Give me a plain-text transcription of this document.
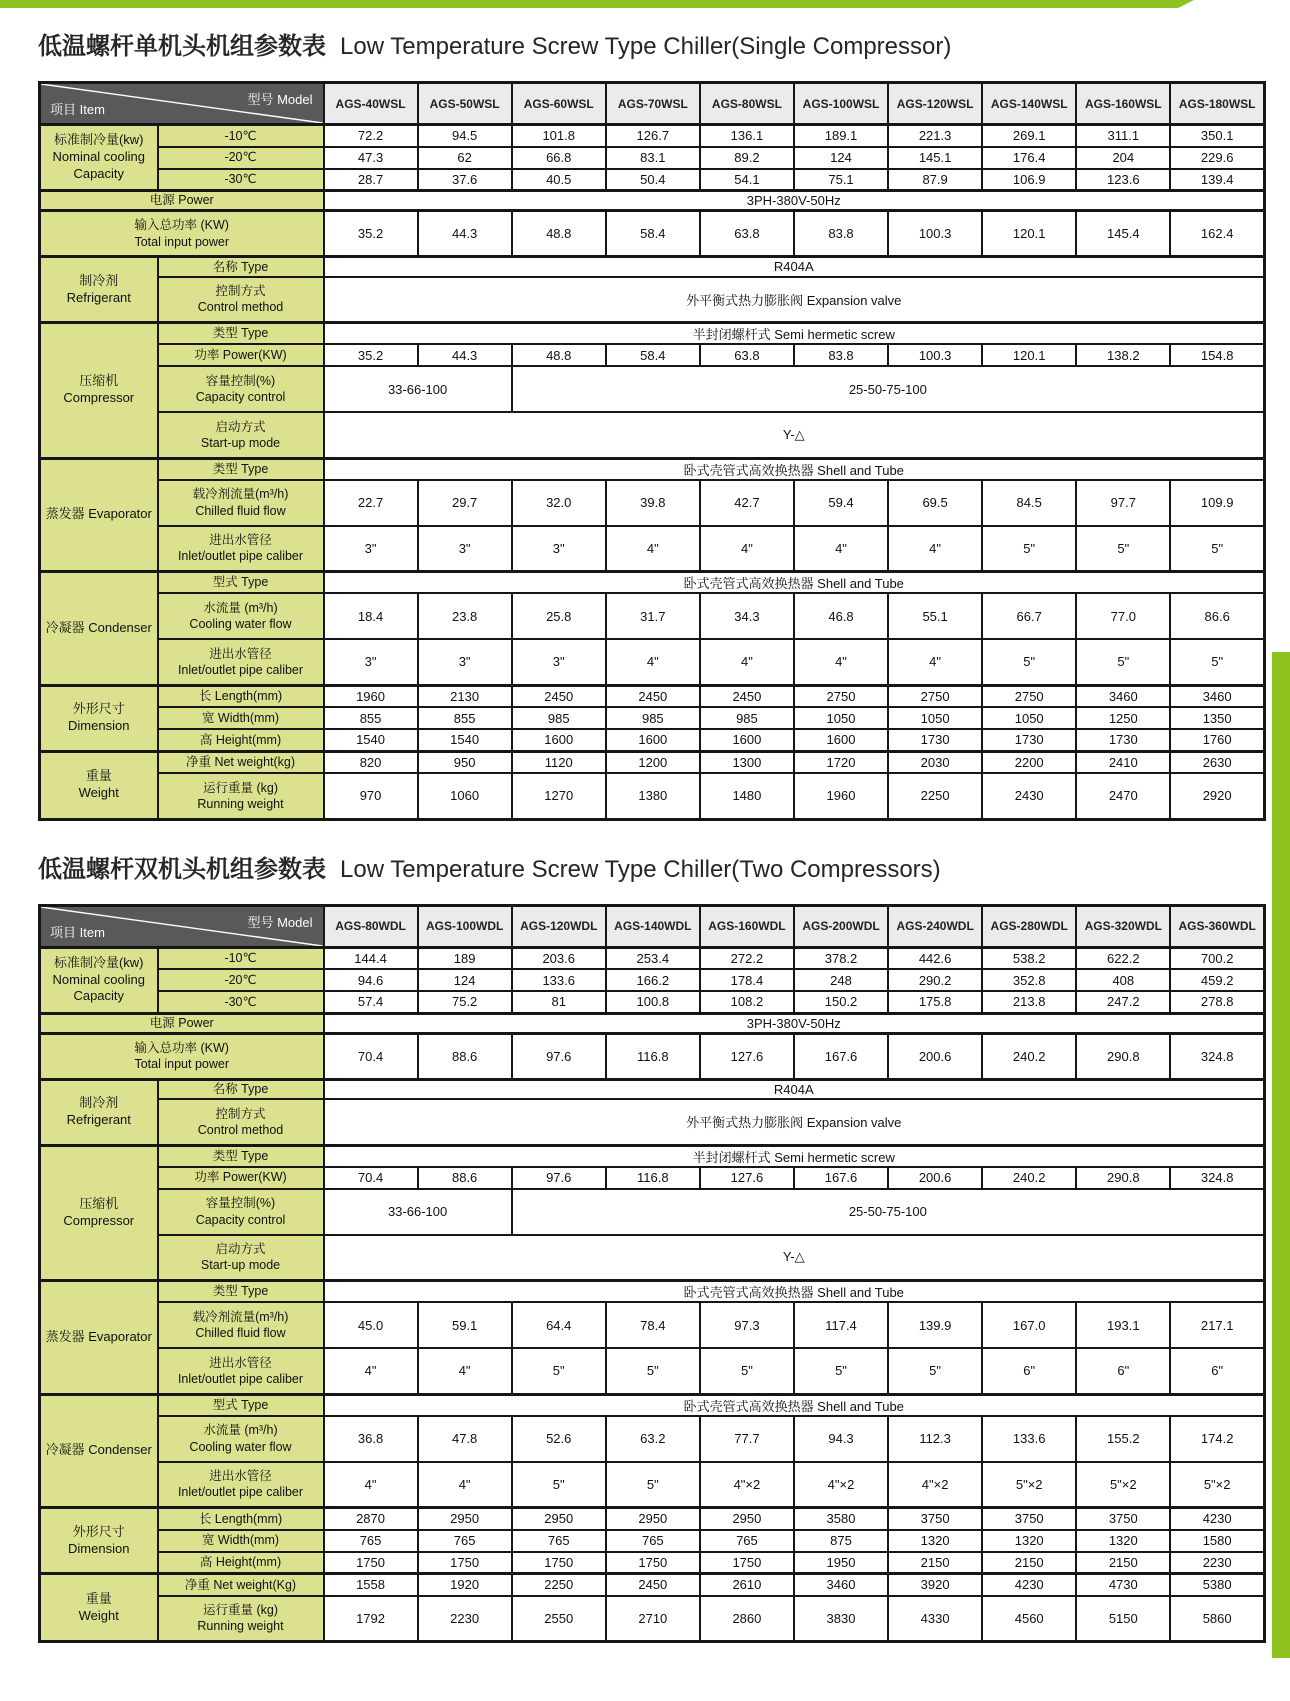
低温螺杆单机头机组参数表 Low Temperature Screw Type Chiller(Single Compressor)
型号 Model
项目 Item		AGS-40WSL	AGS-50WSL	AGS-60WSL	AGS-70WSL	AGS-80WSL	AGS-100WSL	AGS-120WSL	AGS-140WSL	AGS-160WSL	AGS-180WSL

标准制冷量(kw)
Nominal cooling
Capacity	-10℃	72.2	94.5	101.8	126.7	136.1	189.1	221.3	269.1	311.1	350.1

	-20℃	47.3	62	66.8	83.1	89.2	124	145.1	176.4	204	229.6

	-30℃	28.7	37.6	40.5	50.4	54.1	75.1	87.9	106.9	123.6	139.4

电源 Power		3PH-380V-50Hz									

输入总功率 (KW)
Total input power		35.2	44.3	48.8	58.4	63.8	83.8	100.3	120.1	145.4	162.4

制冷剂
Refrigerant	名称 Type	R404A									

	控制方式
Control method	外平衡式热力膨胀阀 Expansion valve									

压缩机
Compressor	类型 Type	半封闭螺杆式 Semi hermetic screw									

	功率 Power(KW)	35.2	44.3	48.8	58.4	63.8	83.8	100.3	120.1	138.2	154.8

	容量控制(%)
Capacity control	33-66-100		25-50-75-100							

	启动方式
Start-up mode	Y-△									

蒸发器 Evaporator	类型 Type	卧式壳管式高效换热器 Shell and Tube									

	载冷剂流量(m³/h)
Chilled fluid flow	22.7	29.7	32.0	39.8	42.7	59.4	69.5	84.5	97.7	109.9

	进出水管径
Inlet/outlet pipe caliber	3"	3"	3"	4"	4"	4"	4"	5"	5"	5"

冷凝器 Condenser	型式 Type	卧式壳管式高效换热器 Shell and Tube									

	水流量 (m³/h)
Cooling water flow	18.4	23.8	25.8	31.7	34.3	46.8	55.1	66.7	77.0	86.6

	进出水管径
Inlet/outlet pipe caliber	3"	3"	3"	4"	4"	4"	4"	5"	5"	5"

外形尺寸
Dimension	长 Length(mm)	1960	2130	2450	2450	2450	2750	2750	2750	3460	3460

	宽 Width(mm)	855	855	985	985	985	1050	1050	1050	1250	1350

	高 Height(mm)	1540	1540	1600	1600	1600	1600	1730	1730	1730	1760

重量
Weight	净重 Net weight(kg)	820	950	1120	1200	1300	1720	2030	2200	2410	2630

	运行重量 (kg)
Running weight	970	1060	1270	1380	1480	1960	2250	2430	2470	2920
低温螺杆双机头机组参数表 Low Temperature Screw Type Chiller(Two Compressors)
型号 Model
项目 Item		AGS-80WDL	AGS-100WDL	AGS-120WDL	AGS-140WDL	AGS-160WDL	AGS-200WDL	AGS-240WDL	AGS-280WDL	AGS-320WDL	AGS-360WDL

标准制冷量(kw)
Nominal cooling
Capacity	-10℃	144.4	189	203.6	253.4	272.2	378.2	442.6	538.2	622.2	700.2

	-20℃	94.6	124	133.6	166.2	178.4	248	290.2	352.8	408	459.2

	-30℃	57.4	75.2	81	100.8	108.2	150.2	175.8	213.8	247.2	278.8

电源 Power		3PH-380V-50Hz									

输入总功率 (KW)
Total input power		70.4	88.6	97.6	116.8	127.6	167.6	200.6	240.2	290.8	324.8

制冷剂
Refrigerant	名称 Type	R404A									

	控制方式
Control method	外平衡式热力膨胀阀 Expansion valve									

压缩机
Compressor	类型 Type	半封闭螺杆式 Semi hermetic screw									

	功率 Power(KW)	70.4	88.6	97.6	116.8	127.6	167.6	200.6	240.2	290.8	324.8

	容量控制(%)
Capacity control	33-66-100		25-50-75-100							

	启动方式
Start-up mode	Y-△									

蒸发器 Evaporator	类型 Type	卧式壳管式高效换热器 Shell and Tube									

	载冷剂流量(m³/h)
Chilled fluid flow	45.0	59.1	64.4	78.4	97.3	117.4	139.9	167.0	193.1	217.1

	进出水管径
Inlet/outlet pipe caliber	4"	4"	5"	5"	5"	5"	5"	6"	6"	6"

冷凝器 Condenser	型式 Type	卧式壳管式高效换热器 Shell and Tube									

	水流量 (m³/h)
Cooling water flow	36.8	47.8	52.6	63.2	77.7	94.3	112.3	133.6	155.2	174.2

	进出水管径
Inlet/outlet pipe caliber	4"	4"	5"	5"	4"×2	4"×2	4"×2	5"×2	5"×2	5"×2

外形尺寸
Dimension	长 Length(mm)	2870	2950	2950	2950	2950	3580	3750	3750	3750	4230

	宽 Width(mm)	765	765	765	765	765	875	1320	1320	1320	1580

	高 Height(mm)	1750	1750	1750	1750	1750	1950	2150	2150	2150	2230

重量
Weight	净重 Net weight(Kg)	1558	1920	2250	2450	2610	3460	3920	4230	4730	5380

	运行重量 (kg)
Running weight	1792	2230	2550	2710	2860	3830	4330	4560	5150	5860
